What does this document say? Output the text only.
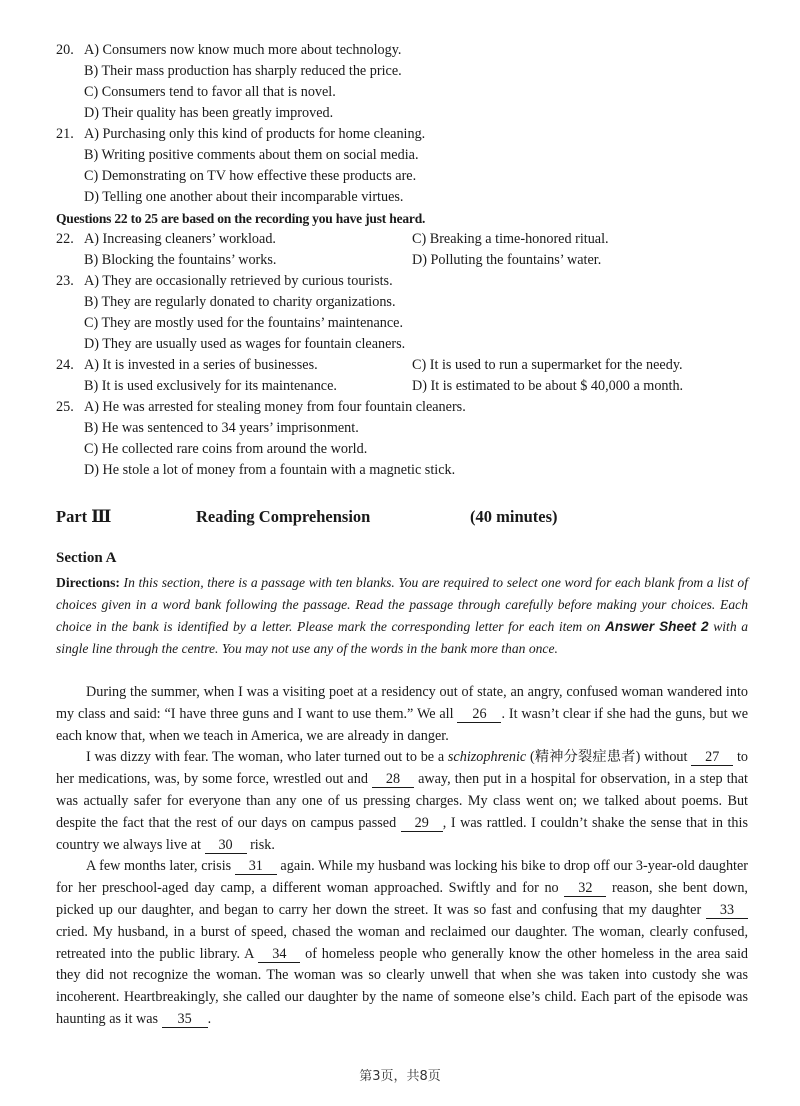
20. A) Consumers now know much more about technology.
B) Their mass production has sharply reduced the price.
C) Consumers tend to favor all that is novel.
D) Their quality has been greatly improved.
21. A) Purchasing only this kind of products for home cleaning.
B) Writing positive comments about them on social media.
C) Demonstrating on TV how effective these products are.
D) Telling one another about their incomparable virtues.
Questions 22 to 25 are based on the recording you have just heard.
22. A) Increasing cleaners’ workload.	C) Breaking a time-honored ritual.
B) Blocking the fountains’ works.	D) Polluting the fountains’ water.
23. A) They are occasionally retrieved by curious tourists.
B) They are regularly donated to charity organizations.
C) They are mostly used for the fountains’ maintenance.
D) They are usually used as wages for fountain cleaners.
24. A) It is invested in a series of businesses.	C) It is used to run a supermarket for the needy.
B) It is used exclusively for its maintenance.	D) It is estimated to be about $ 40,000 a month.
25. A) He was arrested for stealing money from four fountain cleaners.
B) He was sentenced to 34 years’ imprisonment.
C) He collected rare coins from around the world.
D) He stole a lot of money from a fountain with a magnetic stick.
Part Ⅲ	Reading Comprehension	(40 minutes)
Section A
Directions: In this section, there is a passage with ten blanks. You are required to select one word for each blank from a list of choices given in a word bank following the passage. Read the passage through carefully before making your choices. Each choice in the bank is identified by a letter. Please mark the corresponding letter for each item on Answer Sheet 2 with a single line through the centre. You may not use any of the words in the bank more than once.

During the summer, when I was a visiting poet at a residency out of state, an angry, confused woman wandered into my class and said: “I have three guns and I want to use them.” We all 26 . It wasn’t clear if she had the guns, but we each know that, when we teach in America, we are already in danger.

I was dizzy with fear. The woman, who later turned out to be a schizophrenic (精神分裂症患者) without 27 to her medications, was, by some force, wrestled out and 28 away, then put in a hospital for observation, in a step that was actually safer for everyone than any one of us pressing charges. My class went on; we talked about poems. But despite the fact that the rest of our days on campus passed 29 , I was rattled. I couldn’t shake the sense that in this country we always live at 30 risk.

A few months later, crisis 31 again. While my husband was locking his bike to drop off our 3-year-old daughter for her preschool-aged day camp, a different woman approached. Swiftly and for no 32 reason, she bent down, picked up our daughter, and began to carry her down the street. It was so fast and confusing that my daughter 33 cried. My husband, in a burst of speed, chased the woman and reclaimed our daughter. The woman, clearly confused, retreated into the public library. A 34 of homeless people who generally know the other homeless in the area said they did not recognize the woman. The woman was so clearly unwell that when she was taken into custody she was incoherent. Heartbreakingly, she called our daughter by the name of someone else’s child. Each part of the episode was haunting as it was 35 .

第3页，共8页
